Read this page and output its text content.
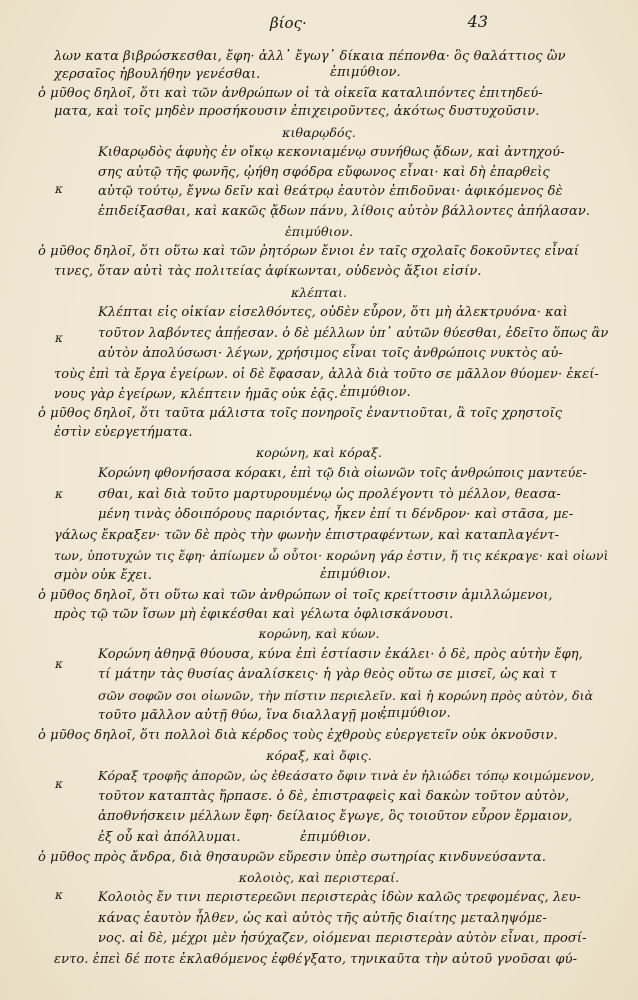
βίος·	43
λων κατα βιβρώσκεσθαι, ἔφη· ἀλλ᾽ ἔγωγ᾽ δίκαια πέπονθα· ὃς θαλάττιος ὢν
χερσαῖος ἠβουλήθην γενέσθαι.	ἐπιμύθιον.
ὁ μῦθος δηλοῖ, ὅτι καὶ τῶν ἀνθρώπων οἱ τὰ οἰκεῖα καταλιπόντες ἐπιτηδεύ-
ματα, καὶ τοῖς μηδὲν προσήκουσιν ἐπιχειροῦντες, ἀκότως δυστυχοῦσιν.
κιθαρῳδός.
Κιθαρῳδὸς ἀφυὴς ἐν οἴκῳ κεκονιαμένῳ συνήθως ᾄδων, καὶ ἀντηχού-
σης αὐτῷ τῆς φωνῆς, ᾠήθη σφόδρα εὔφωνος εἶναι· καὶ δὴ ἐπαρθεὶς
αὐτῷ τούτῳ, ἔγνω δεῖν καὶ θεάτρῳ ἑαυτὸν ἐπιδοῦναι· ἀφικόμενος δὲ
ἐπιδείξασθαι, καὶ κακῶς ᾄδων πάνυ, λίθοις αὐτὸν βάλλοντες ἀπήλασαν.
ἐπιμύθιον.
ὁ μῦθος δηλοῖ, ὅτι οὕτω καὶ τῶν ῥητόρων ἔνιοι ἐν ταῖς σχολαῖς δοκοῦντες εἶναί
τινες, ὅταν αὐτὶ τὰς πολιτείας ἀφίκωνται, οὐδενὸς ἄξιοι εἰσίν.
κλέπται.
Κλέπται εἰς οἰκίαν εἰσελθόντες, οὐδὲν εὗρον, ὅτι μὴ ἀλεκτρυόνα· καὶ
τοῦτον λαβόντες ἀπῄεσαν. ὁ δὲ μέλλων ὑπ᾽ αὐτῶν θύεσθαι, ἐδεῖτο ὅπως ἂν
αὐτὸν ἀπολύσωσι· λέγων, χρήσιμος εἶναι τοῖς ἀνθρώποις νυκτὸς αὐ-
τοὺς ἐπὶ τὰ ἔργα ἐγείρων. οἱ δὲ ἔφασαν, ἀλλὰ διὰ τοῦτο σε μᾶλλον θύομεν· ἐκεί-
νους γὰρ ἐγείρων, κλέπτειν ἡμᾶς οὐκ ἐᾷς. ἐπιμύθιον.
ὁ μῦθος δηλοῖ, ὅτι ταῦτα μάλιστα τοῖς πονηροῖς ἐναντιοῦται, ἃ τοῖς χρηστοῖς
ἐστὶν εὐεργετήματα.
κορώνη, καὶ κόραξ.
Κορώνη φθονήσασα κόρακι, ἐπὶ τῷ διὰ οἰωνῶν τοῖς ἀνθρώποις μαντεύε-
σθαι, καὶ διὰ τοῦτο μαρτυρουμένῳ ὡς προλέγοντι τὸ μέλλον, θεασα-
μένη τινὰς ὁδοιπόρους παριόντας, ἧκεν ἐπί τι δένδρον· καὶ στᾶσα, με-
γάλως ἔκραξεν· τῶν δὲ πρὸς τὴν φωνὴν ἐπιστραφέντων, καὶ καταπλαγέντ-
των, ὑποτυχών τις ἔφη· ἀπίωμεν ὦ οὗτοι· κορώνη γάρ ἐστιν, ἥ τις κέκραγε· καὶ οἰωνὶ
σμὸν οὐκ ἔχει.	ἐπιμύθιον.
ὁ μῦθος δηλοῖ, ὅτι οὕτω καὶ τῶν ἀνθρώπων οἱ τοῖς κρείττοσιν ἁμιλλώμενοι,
πρὸς τῷ τῶν ἴσων μὴ ἐφικέσθαι καὶ γέλωτα ὀφλισκάνουσι.
κορώνη, καὶ κύων.
Κορώνη ἀθηνᾷ θύουσα, κύνα ἐπὶ ἑστίασιν ἐκάλει· ὁ δὲ, πρὸς αὐτὴν ἔφη,
τί μάτην τὰς θυσίας ἀναλίσκεις· ἡ γὰρ θεὸς οὕτω σε μισεῖ, ὡς καὶ τ
σῶν σοφῶν σοι οἰωνῶν, τὴν πίστιν περιελεῖν. καὶ ἡ κορώνη πρὸς αὐτὸν, διὰ
τοῦτο μᾶλλον αὐτῇ θύω, ἵνα διαλλαγῇ μοι.
ἐπιμύθιον.
ὁ μῦθος δηλοῖ, ὅτι πολλοὶ διὰ κέρδος τοὺς ἐχθροὺς εὐεργετεῖν οὐκ ὀκνοῦσιν.
κόραξ, καὶ ὄφις.
Κόραξ τροφῆς ἀπορῶν, ὡς ἐθεάσατο ὄφιν τινὰ ἐν ἡλιώδει τόπῳ κοιμώμενον,
τοῦτον καταπτὰς ἥρπασε. ὁ δὲ, ἐπιστραφεὶς καὶ δακὼν τοῦτον αὐτὸν,
ἀποθνήσκειν μέλλων ἔφη· δείλαιος ἔγωγε, ὃς τοιοῦτον εὗρον ἕρμαιον,
ἐξ οὗ καὶ ἀπόλλυμαι.	ἐπιμύθιον.
ὁ μῦθος πρὸς ἄνδρα, διὰ θησαυρῶν εὕρεσιν ὑπὲρ σωτηρίας κινδυνεύσαντα.
κολοιὸς, καὶ περιστεραί.
Κολοιὸς ἔν τινι περιστερεῶνι περιστερὰς ἰδὼν καλῶς τρεφομένας, λευ-
κάνας ἑαυτὸν ἧλθεν, ὡς καὶ αὐτὸς τῆς αὐτῆς διαίτης μεταληψόμε-
νος. αἱ δὲ, μέχρι μὲν ἡσύχαζεν, οἰόμεναι περιστερὰν αὐτὸν εἶναι, προσί-
εντο. ἐπεὶ δέ ποτε ἐκλαθόμενος ἐφθέγξατο, τηνικαῦτα τὴν αὐτοῦ γνοῦσαι φύ-
κ
κ
κ
κ
κ
κ
